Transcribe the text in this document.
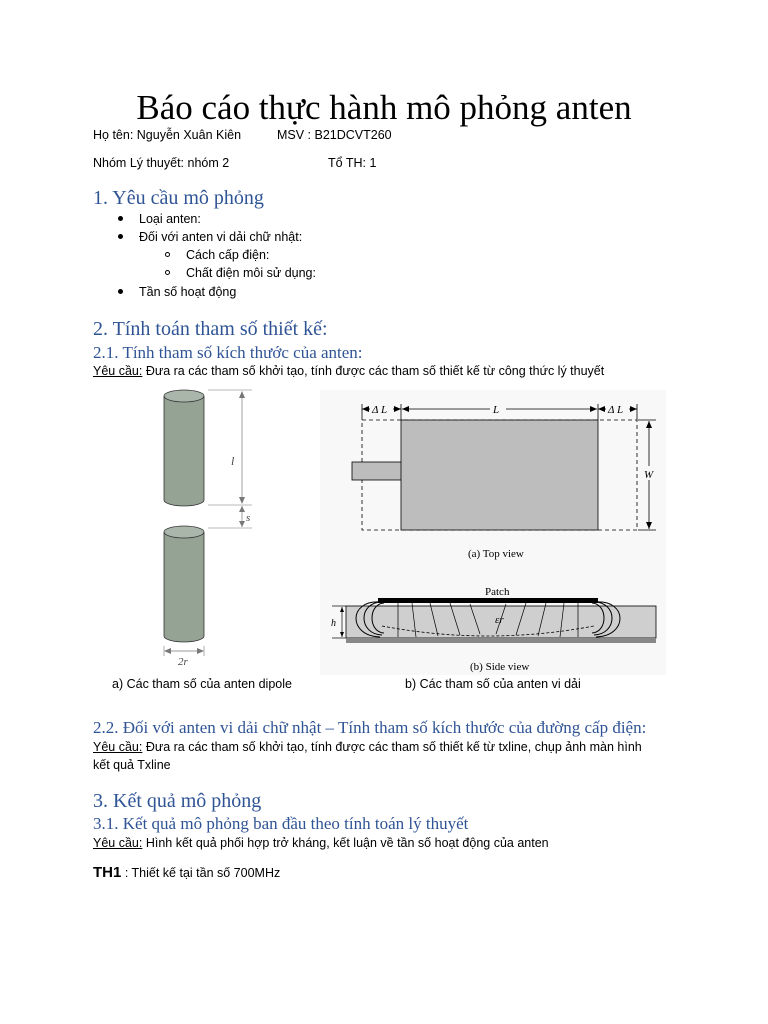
Báo cáo thực hành mô phỏng anten
Họ tên: Nguyễn Xuân Kiên	MSV : B21DCVT260
Nhóm Lý thuyết: nhóm 2	Tổ TH: 1
1. Yêu cầu mô phỏng
Loại anten:
Đối với anten vi dải chữ nhật:
Cách cấp điện:
Chất điện môi sử dụng:
Tần số hoạt động
2. Tính toán tham số thiết kế:
2.1. Tính tham số kích thước của anten:
Yêu cầu: Đưa ra các tham số khởi tạo, tính được các tham số thiết kế từ công thức lý thuyết
l
s
2r
Δ L	L	Δ L
W
(a) Top view
Patch
εr
h
(b) Side view
a) Các tham số của anten dipole	b) Các tham số của anten vi dải
2.2. Đối với anten vi dải chữ nhật – Tính tham số kích thước của đường cấp điện:
Yêu cầu: Đưa ra các tham số khởi tạo, tính được các tham số thiết kế từ txline, chụp ảnh màn hình
kết quả Txline
3. Kết quả mô phỏng
3.1. Kết quả mô phỏng ban đầu theo tính toán lý thuyết
Yêu cầu: Hình kết quả phối hợp trở kháng, kết luận về tần số hoạt động của anten
TH1 : Thiết kế tại tần số 700MHz
